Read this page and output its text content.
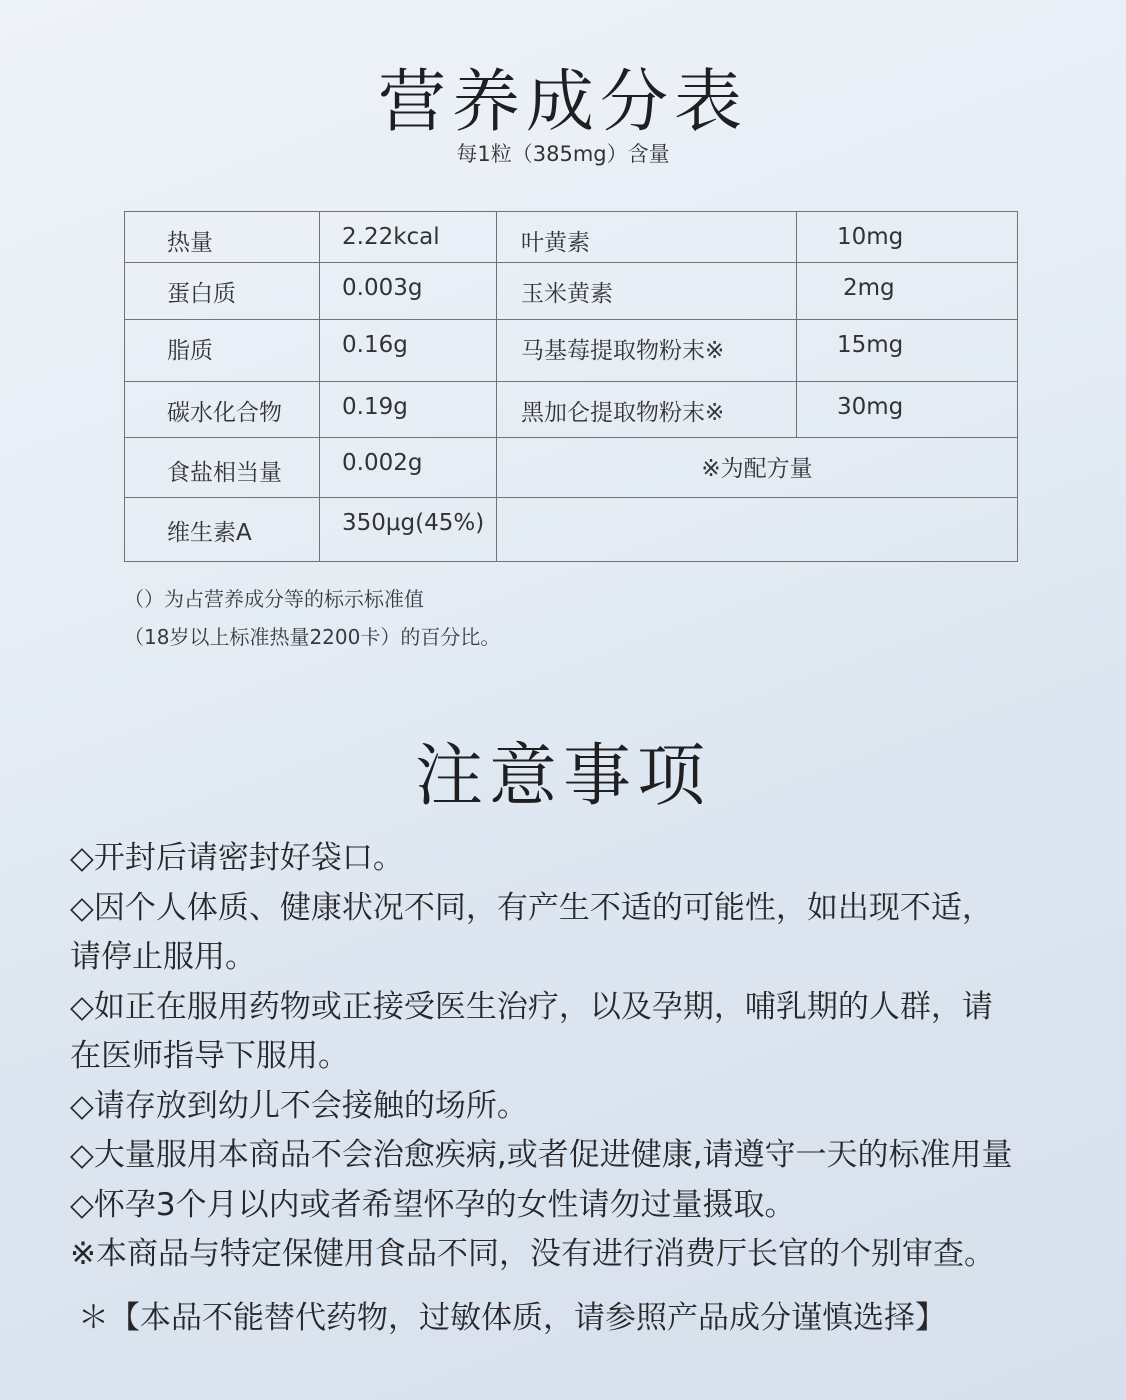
营养成分表
每1粒（385mg）含量
热量	2.22kcal	叶黄素	10mg

蛋白质	0.003g	玉米黄素	2mg

脂质	0.16g	马基莓提取物粉末※	15mg

碳水化合物	0.19g	黑加仑提取物粉末※	30mg

食盐相当量	0.002g	※为配方量	

维生素A	350μg(45%)		

（）为占营养成分等的标示标准值
（18岁以上标准热量2200卡）的百分比。
注意事项
◇开封后请密封好袋口。
◇因个人体质、健康状况不同，有产生不适的可能性，如出现不适，
请停止服用。
◇如正在服用药物或正接受医生治疗，以及孕期，哺乳期的人群，请
在医师指导下服用。
◇请存放到幼儿不会接触的场所。
◇大量服用本商品不会治愈疾病,或者促进健康,请遵守一天的标准用量
◇怀孕3个月以内或者希望怀孕的女性请勿过量摄取。
※本商品与特定保健用食品不同，没有进行消费厅长官的个别审查。
＊【本品不能替代药物，过敏体质，请参照产品成分谨慎选择】
